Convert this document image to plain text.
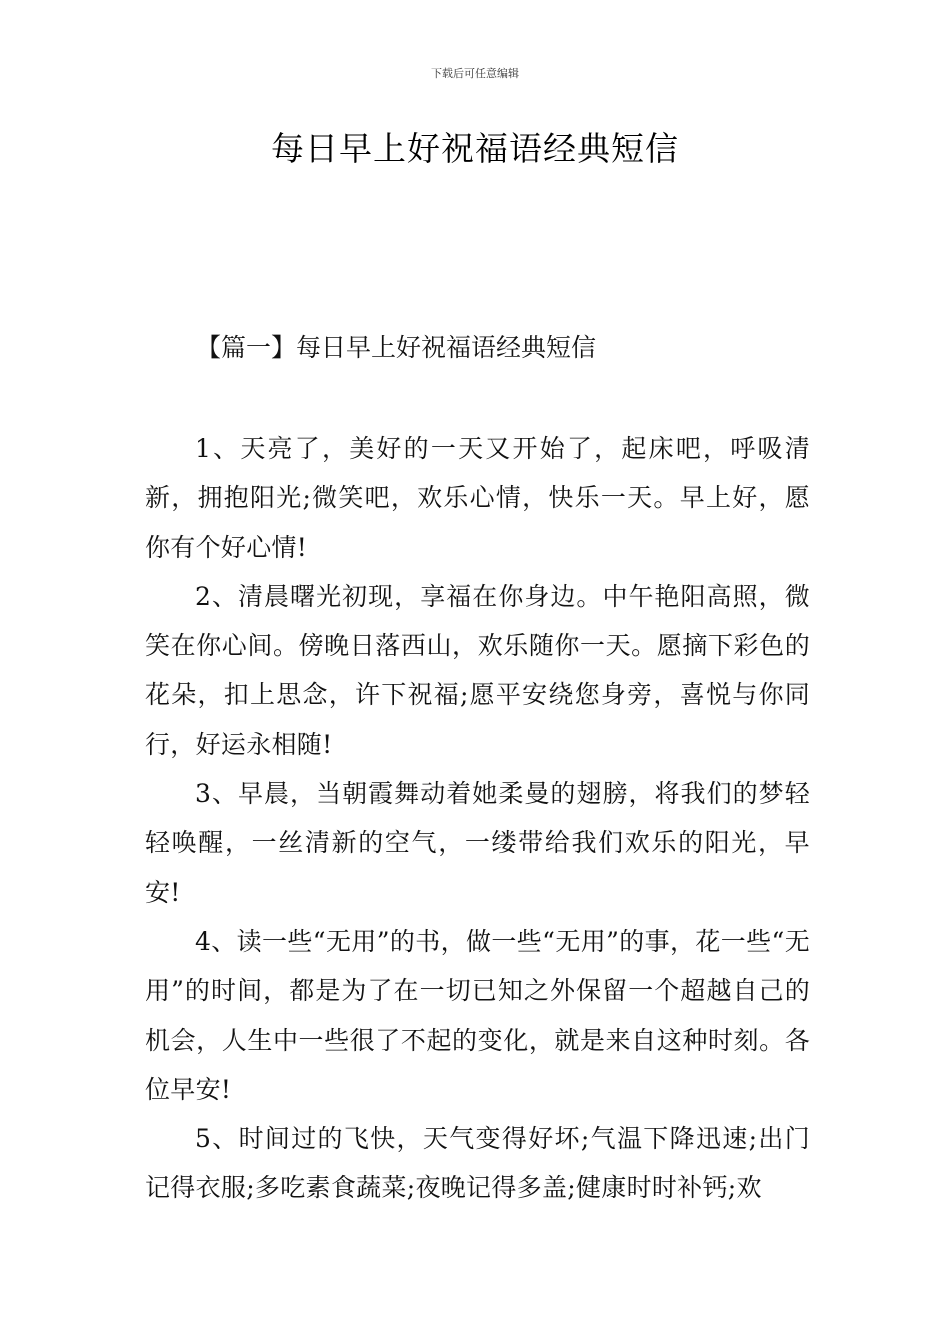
下载后可任意编辑
每日早上好祝福语经典短信
【篇一】每日早上好祝福语经典短信

1、天亮了，美好的一天又开始了，起床吧，呼吸清新，拥抱阳光;微笑吧，欢乐心情，快乐一天。早上好，愿你有个好心情!

2、清晨曙光初现，享福在你身边。中午艳阳高照，微笑在你心间。傍晚日落西山，欢乐随你一天。愿摘下彩色的花朵，扣上思念，许下祝福;愿平安绕您身旁，喜悦与你同行，好运永相随!

3、早晨，当朝霞舞动着她柔曼的翅膀，将我们的梦轻轻唤醒，一丝清新的空气，一缕带给我们欢乐的阳光，早安!

4、读一些“无用”的书，做一些“无用”的事，花一些“无用”的时间，都是为了在一切已知之外保留一个超越自己的机会，人生中一些很了不起的变化，就是来自这种时刻。各位早安!

5、时间过的飞快，天气变得好坏;气温下降迅速;出门记得衣服;多吃素食蔬菜;夜晚记得多盖;健康时时补钙;欢
